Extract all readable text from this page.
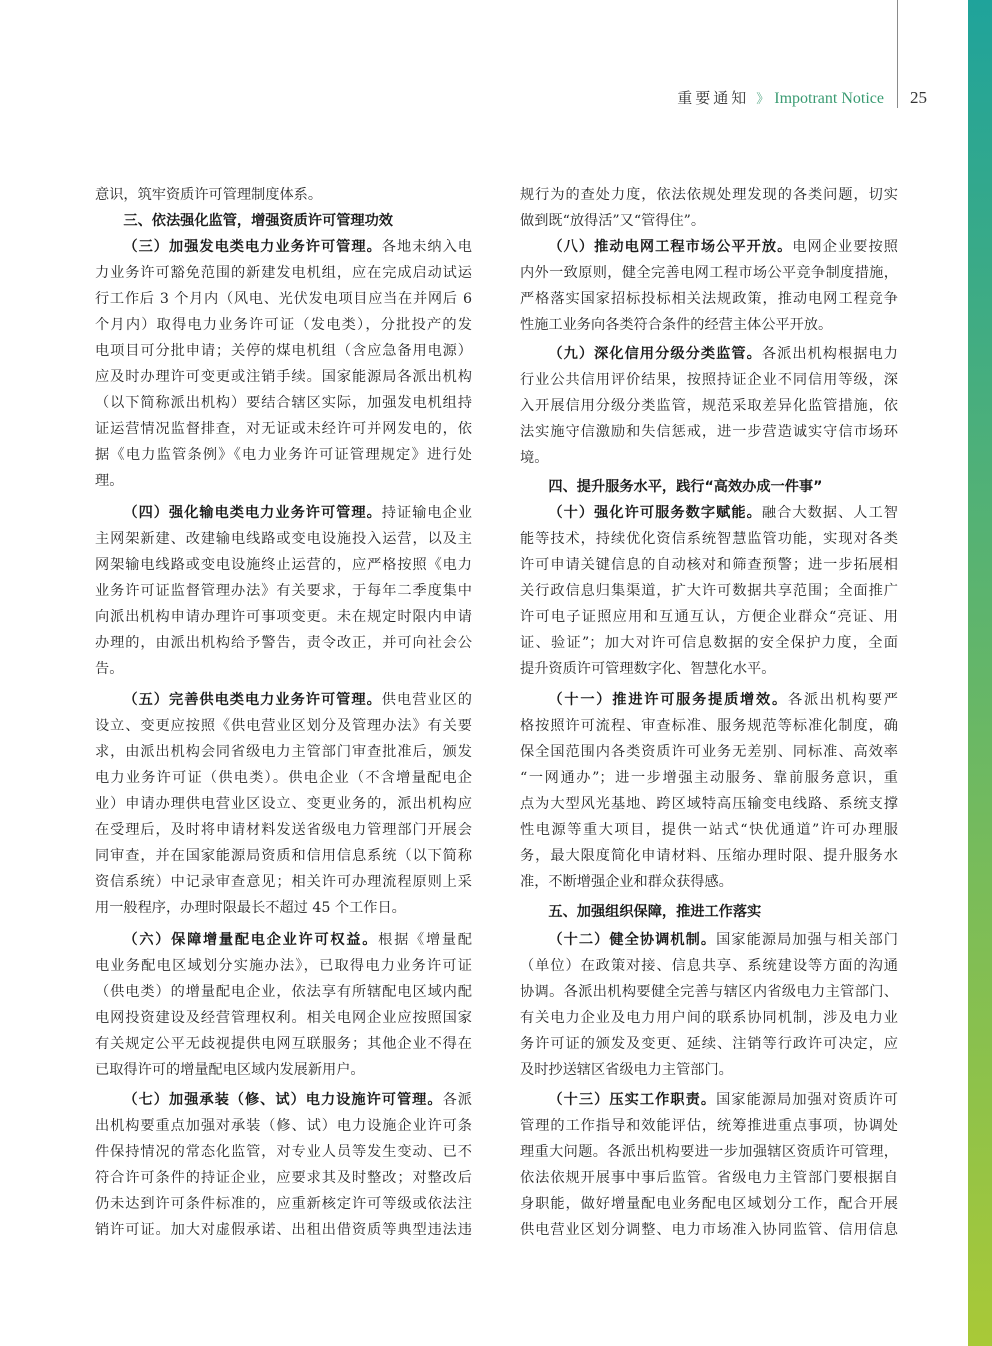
重要通知 》 Impotrant Notice 25
意识，筑牢资质许可管理制度体系。
三、依法强化监管，增强资质许可管理功效
（三）加强发电类电力业务许可管理。各地未纳入电
力业务许可豁免范围的新建发电机组，应在完成启动试运
行工作后 3 个月内（风电、光伏发电项目应当在并网后 6
个月内）取得电力业务许可证（发电类），分批投产的发
电项目可分批申请；关停的煤电机组（含应急备用电源）
应及时办理许可变更或注销手续。国家能源局各派出机构
（以下简称派出机构）要结合辖区实际，加强发电机组持
证运营情况监督排查，对无证或未经许可并网发电的，依
据《电力监管条例》《电力业务许可证管理规定》进行处
理。
（四）强化输电类电力业务许可管理。持证输电企业
主网架新建、改建输电线路或变电设施投入运营，以及主
网架输电线路或变电设施终止运营的，应严格按照《电力
业务许可证监督管理办法》有关要求，于每年二季度集中
向派出机构申请办理许可事项变更。未在规定时限内申请
办理的，由派出机构给予警告，责令改正，并可向社会公
告。
（五）完善供电类电力业务许可管理。供电营业区的
设立、变更应按照《供电营业区划分及管理办法》有关要
求，由派出机构会同省级电力主管部门审查批准后，颁发
电力业务许可证（供电类）。供电企业（不含增量配电企
业）申请办理供电营业区设立、变更业务的，派出机构应
在受理后，及时将申请材料发送省级电力管理部门开展会
同审查，并在国家能源局资质和信用信息系统（以下简称
资信系统）中记录审查意见；相关许可办理流程原则上采
用一般程序，办理时限最长不超过 45 个工作日。
（六）保障增量配电企业许可权益。根据《增量配
电业务配电区域划分实施办法》，已取得电力业务许可证
（供电类）的增量配电企业，依法享有所辖配电区域内配
电网投资建设及经营管理权利。相关电网企业应按照国家
有关规定公平无歧视提供电网互联服务；其他企业不得在
已取得许可的增量配电区域内发展新用户。
（七）加强承装（修、试）电力设施许可管理。各派
出机构要重点加强对承装（修、试）电力设施企业许可条
件保持情况的常态化监管，对专业人员等发生变动、已不
符合许可条件的持证企业，应要求其及时整改；对整改后
仍未达到许可条件标准的，应重新核定许可等级或依法注
销许可证。加大对虚假承诺、出租出借资质等典型违法违
规行为的查处力度，依法依规处理发现的各类问题，切实
做到既“放得活”又“管得住”。
（八）推动电网工程市场公平开放。电网企业要按照
内外一致原则，健全完善电网工程市场公平竞争制度措施，
严格落实国家招标投标相关法规政策，推动电网工程竞争
性施工业务向各类符合条件的经营主体公平开放。
（九）深化信用分级分类监管。各派出机构根据电力
行业公共信用评价结果，按照持证企业不同信用等级，深
入开展信用分级分类监管，规范采取差异化监管措施，依
法实施守信激励和失信惩戒，进一步营造诚实守信市场环
境。
四、提升服务水平，践行“高效办成一件事”
（十）强化许可服务数字赋能。融合大数据、人工智
能等技术，持续优化资信系统智慧监管功能，实现对各类
许可申请关键信息的自动核对和筛查预警；进一步拓展相
关行政信息归集渠道，扩大许可数据共享范围；全面推广
许可电子证照应用和互通互认，方便企业群众“亮证、用
证、验证”；加大对许可信息数据的安全保护力度，全面
提升资质许可管理数字化、智慧化水平。
（十一）推进许可服务提质增效。各派出机构要严
格按照许可流程、审查标准、服务规范等标准化制度，确
保全国范围内各类资质许可业务无差别、同标准、高效率
“一网通办”；进一步增强主动服务、靠前服务意识，重
点为大型风光基地、跨区域特高压输变电线路、系统支撑
性电源等重大项目，提供一站式“快优通道”许可办理服
务，最大限度简化申请材料、压缩办理时限、提升服务水
准，不断增强企业和群众获得感。
五、加强组织保障，推进工作落实
（十二）健全协调机制。国家能源局加强与相关部门
（单位）在政策对接、信息共享、系统建设等方面的沟通
协调。各派出机构要健全完善与辖区内省级电力主管部门、
有关电力企业及电力用户间的联系协同机制，涉及电力业
务许可证的颁发及变更、延续、注销等行政许可决定，应
及时抄送辖区省级电力主管部门。
（十三）压实工作职责。国家能源局加强对资质许可
管理的工作指导和效能评估，统筹推进重点事项，协调处
理重大问题。各派出机构要进一步加强辖区资质许可管理，
依法依规开展事中事后监管。省级电力主管部门要根据自
身职能，做好增量配电业务配电区域划分工作，配合开展
供电营业区划分调整、电力市场准入协同监管、信用信息
